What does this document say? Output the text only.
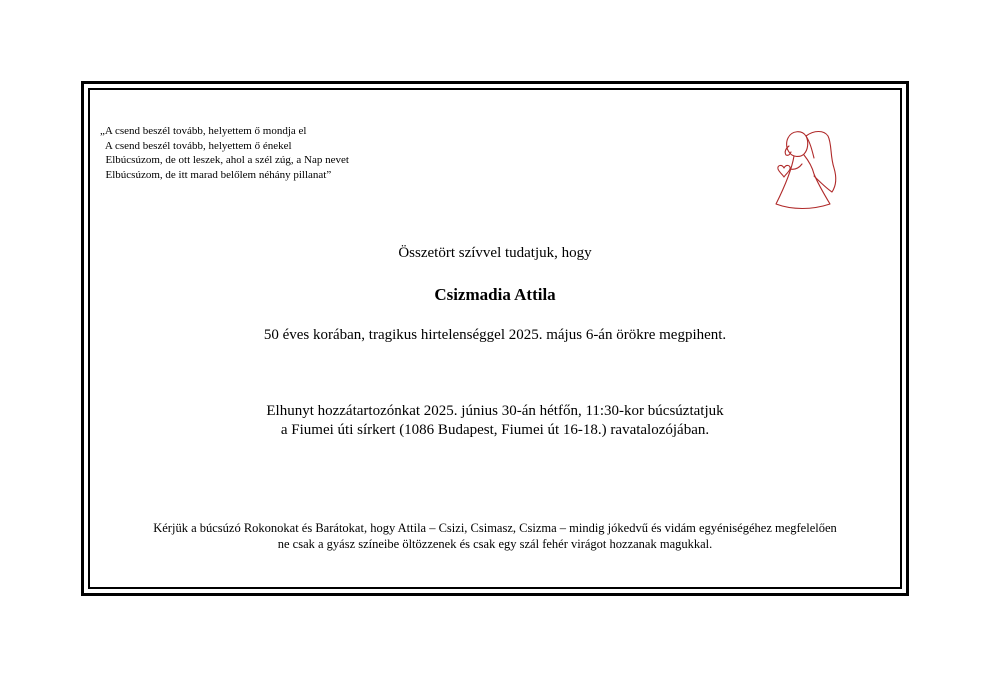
„A csend beszél tovább, helyettem ő mondja el
A csend beszél tovább, helyettem ő énekel
Elbúcsúzom, de ott leszek, ahol a szél zúg, a Nap nevet
Elbúcsúzom, de itt marad belőlem néhány pillanat”
Összetört szívvel tudatjuk, hogy
Csizmadia Attila
50 éves korában, tragikus hirtelenséggel 2025. május 6-án örökre megpihent.
Elhunyt hozzátartozónkat 2025. június 30-án hétfőn, 11:30-kor búcsúztatjuk
a Fiumei úti sírkert (1086 Budapest, Fiumei út 16-18.) ravatalozójában.
Kérjük a búcsúzó Rokonokat és Barátokat, hogy Attila – Csizi, Csimasz, Csizma – mindig jókedvű és vidám egyéniségéhez megfelelően
ne csak a gyász színeibe öltözzenek és csak egy szál fehér virágot hozzanak magukkal.
